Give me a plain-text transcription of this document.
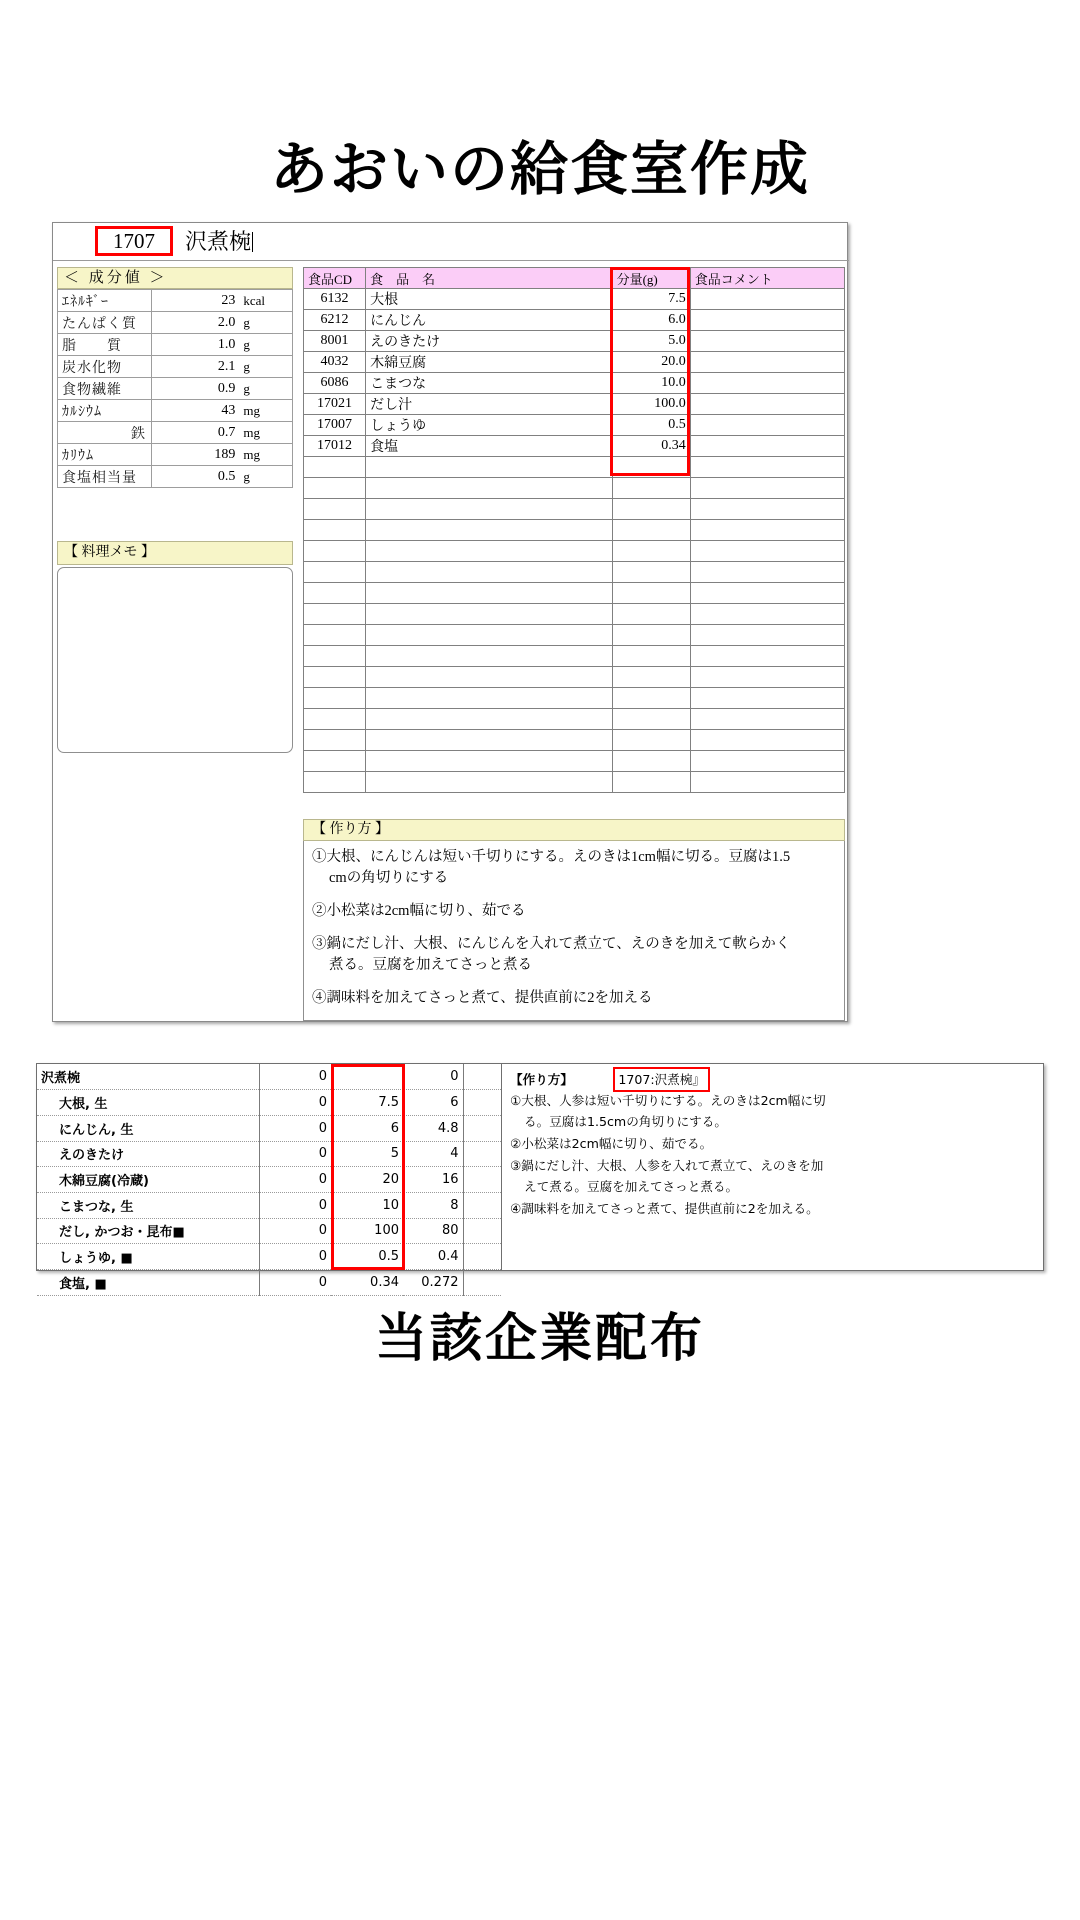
あおいの給食室作成
1707 沢煮椀
＜ 成分値 ＞
ｴﾈﾙｷﾞｰ	23	kcal
たんぱく質	2.0	g
脂　　質	1.0	g
炭水化物	2.1	g
食物繊維	0.9	g
ｶﾙｼｳﾑ	43	mg
鉄	0.7	mg
ｶﾘｳﾑ	189	mg
食塩相当量	0.5	g
【 料理メモ 】
食品CD	食　品　名	分量(g)	食品コメント
6132	大根	7.5	
6212	にんじん	6.0	
8001	えのきたけ	5.0	
4032	木綿豆腐	20.0	
6086	こまつな	10.0	
17021	だし汁	100.0	
17007	しょうゆ	0.5	
17012	食塩	0.34	

【 作り方 】
①大根、にんじんは短い千切りにする。えのきは1cm幅に切る。豆腐は1.5
cmの角切りにする
②小松菜は2cm幅に切り、茹でる
③鍋にだし汁、大根、にんじんを入れて煮立て、えのきを加えて軟らかく
煮る。豆腐を加えてさっと煮る
④調味料を加えてさっと煮て、提供直前に2を加える
沢煮椀	0		0	
大根, 生	0	7.5	6	
にんじん, 生	0	6	4.8	
えのきたけ	0	5	4	
木綿豆腐(冷蔵)	0	20	16	
こまつな, 生	0	10	8	
だし, かつお・昆布■	0	100	80	
しょうゆ, ■	0	0.5	0.4	
食塩, ■	0	0.34	0.272	
【作り方】	1707:沢煮椀』
①大根、人参は短い千切りにする。えのきは2cm幅に切
る。豆腐は1.5cmの角切りにする。
②小松菜は2cm幅に切り、茹でる。
③鍋にだし汁、大根、人参を入れて煮立て、えのきを加
えて煮る。豆腐を加えてさっと煮る。
④調味料を加えてさっと煮て、提供直前に2を加える。
当該企業配布
